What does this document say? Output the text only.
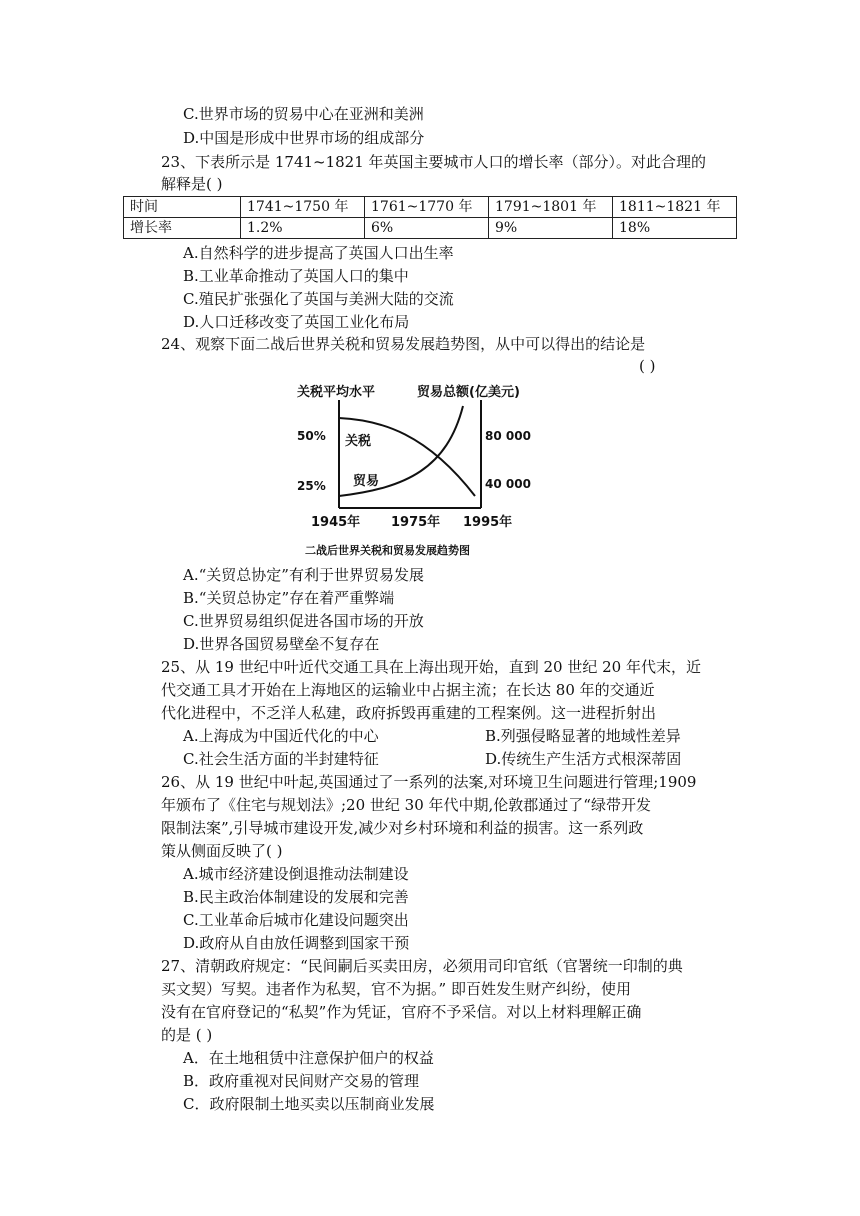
C.世界市场的贸易中心在亚洲和美洲
D.中国是形成中世界市场的组成部分
23、下表所示是 1741~1821 年英国主要城市人口的增长率（部分）。对此合理的
解释是( )
时间	1741~1750 年	1761~1770 年	1791~1801 年	1811~1821 年
增长率	1.2%	6%	9%	18%
A.自然科学的进步提高了英国人口出生率
B.工业革命推动了英国人口的集中
C.殖民扩张强化了英国与美洲大陆的交流
D.人口迁移改变了英国工业化布局
24、观察下面二战后世界关税和贸易发展趋势图，从中可以得出的结论是
( )
关税平均水平	贸易总额(亿美元)
50%
25%
80 000
40 000
关税
贸易
1945年 1975年 1995年
二战后世界关税和贸易发展趋势图
A.“关贸总协定”有利于世界贸易发展
B.“关贸总协定”存在着严重弊端
C.世界贸易组织促进各国市场的开放
D.世界各国贸易壁垒不复存在
25、从 19 世纪中叶近代交通工具在上海出现开始，直到 20 世纪 20 年代末，近
代交通工具才开始在上海地区的运输业中占据主流；在长达 80 年的交通近
代化进程中，不乏洋人私建，政府拆毁再重建的工程案例。这一进程折射出
A.上海成为中国近代化的中心	B.列强侵略显著的地域性差异
C.社会生活方面的半封建特征	D.传统生产生活方式根深蒂固
26、从 19 世纪中叶起,英国通过了一系列的法案,对环境卫生问题进行管理;1909
年颁布了《住宅与规划法》;20 世纪 30 年代中期,伦敦郡通过了“绿带开发
限制法案”,引导城市建设开发,减少对乡村环境和利益的损害。这一系列政
策从侧面反映了( )
A.城市经济建设倒退推动法制建设
B.民主政治体制建设的发展和完善
C.工业革命后城市化建设问题突出
D.政府从自由放任调整到国家干预
27、清朝政府规定：“民间嗣后买卖田房，必须用司印官纸（官署统一印制的典
买文契）写契。违者作为私契，官不为据。” 即百姓发生财产纠纷，使用
没有在官府登记的“私契”作为凭证，官府不予采信。对以上材料理解正确
的是 ( )
A．在土地租赁中注意保护佃户的权益
B．政府重视对民间财产交易的管理
C．政府限制土地买卖以压制商业发展
